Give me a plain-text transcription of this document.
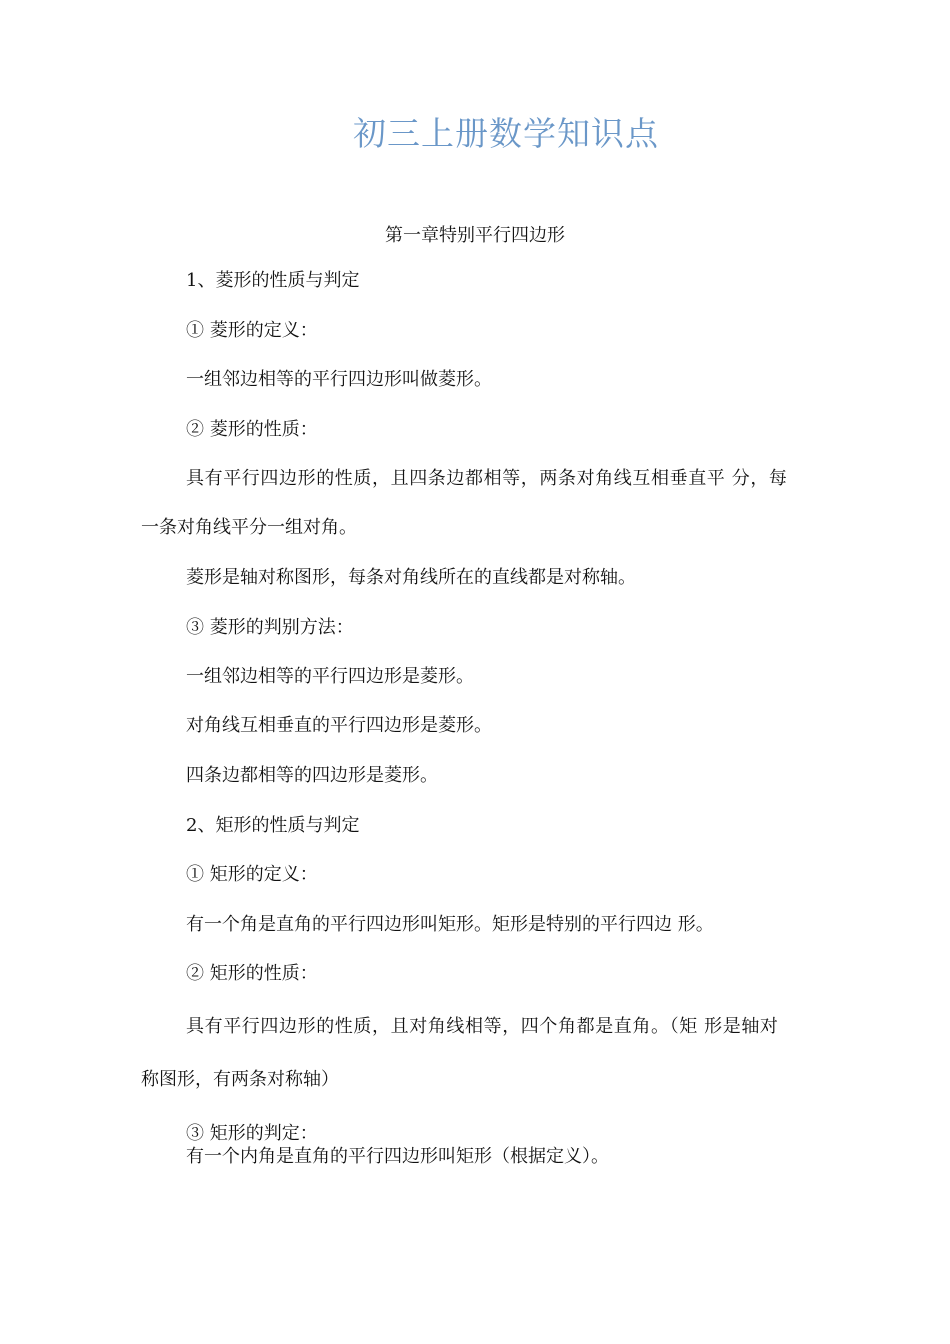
初三上册数学知识点
第一章特别平行四边形
1、菱形的性质与判定
① 菱形的定义：
一组邻边相等的平行四边形叫做菱形。
② 菱形的性质：
具有平行四边形的性质，且四条边都相等，两条对角线互相垂直平 分，每
一条对角线平分一组对角。
菱形是轴对称图形，每条对角线所在的直线都是对称轴。
③ 菱形的判别方法：
一组邻边相等的平行四边形是菱形。
对角线互相垂直的平行四边形是菱形。
四条边都相等的四边形是菱形。
2、矩形的性质与判定
① 矩形的定义：
有一个角是直角的平行四边形叫矩形。矩形是特别的平行四边 形。
② 矩形的性质：
具有平行四边形的性质，且对角线相等，四个角都是直角。（矩 形是轴对
称图形，有两条对称轴）
③ 矩形的判定：
有一个内角是直角的平行四边形叫矩形（根据定义）。
